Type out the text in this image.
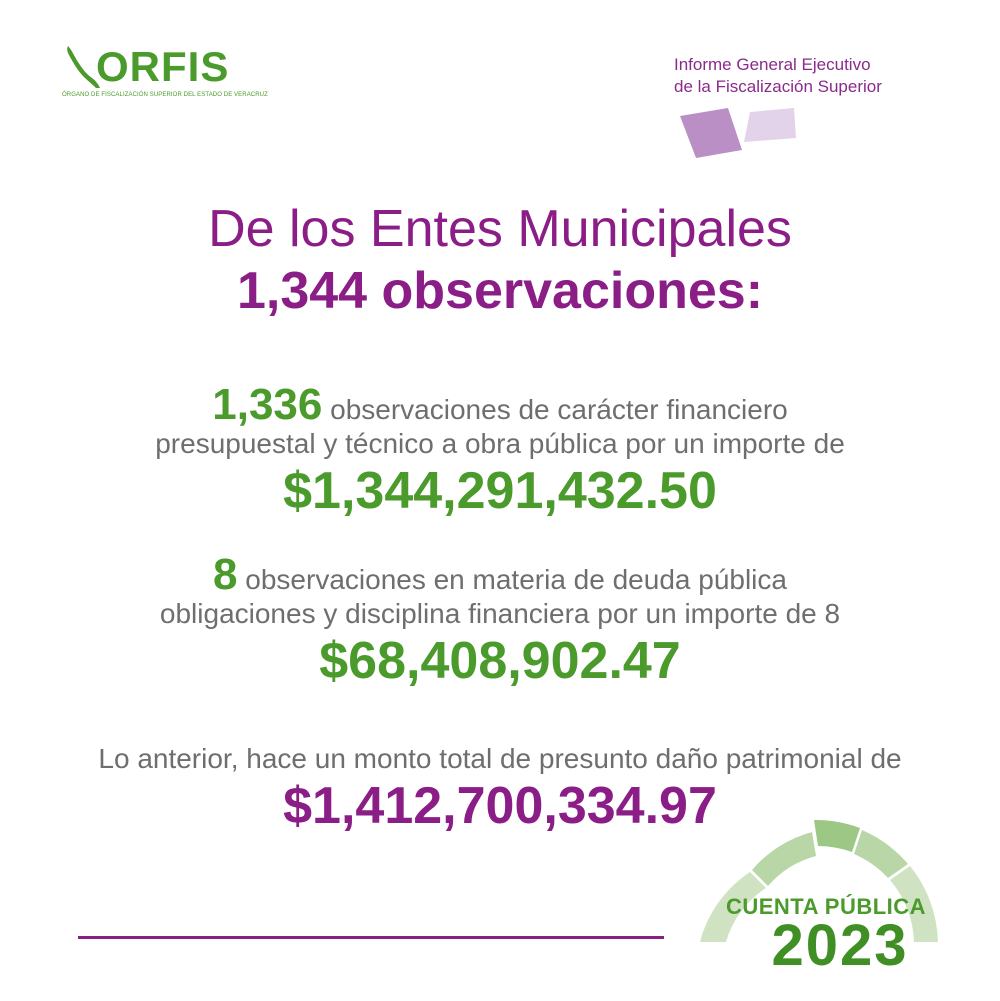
ORFIS
ÓRGANO DE FISCALIZACIÓN SUPERIOR DEL ESTADO DE VERACRUZ
Informe General Ejecutivo
de la Fiscalización Superior
De los Entes Municipales
1,344 observaciones:
1,336 observaciones de carácter financiero
presupuestal y técnico a obra pública por un importe de
$1,344,291,432.50
8 observaciones en materia de deuda pública
obligaciones y disciplina financiera por un importe de 8
$68,408,902.47
Lo anterior, hace un monto total de presunto daño patrimonial de
$1,412,700,334.97
CUENTA PÚBLICA
2023
